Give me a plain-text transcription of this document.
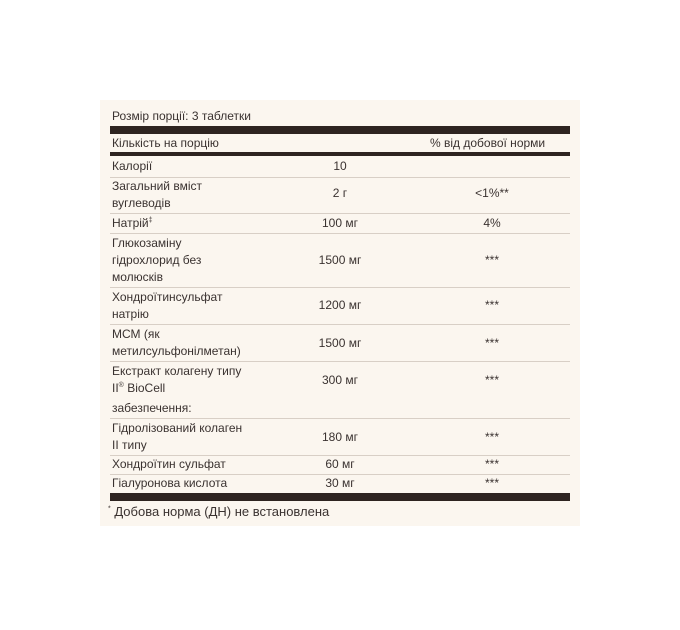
Розмір порції: 3 таблетки
Кількість на порцію	% від добової норми
Калорії	10
Загальний вміст
вуглеводів
2 г	<1%**
Натрій‡	100 мг	4%
Глюкозаміну
гідрохлорид без
молюсків
1500 мг	***
Хондроїтинсульфат
натрію
1200 мг	***
МСМ (як
метилсульфонілметан)
1500 мг	***
Екстракт колагену типу
II® BioCell
300 мг	***
забезпечення:
Гідролізований колаген
II типу
180 мг	***
Хондроїтин сульфат	60 мг	***
Гіалуронова кислота	30 мг	***
* Добова норма (ДН) не встановлена
